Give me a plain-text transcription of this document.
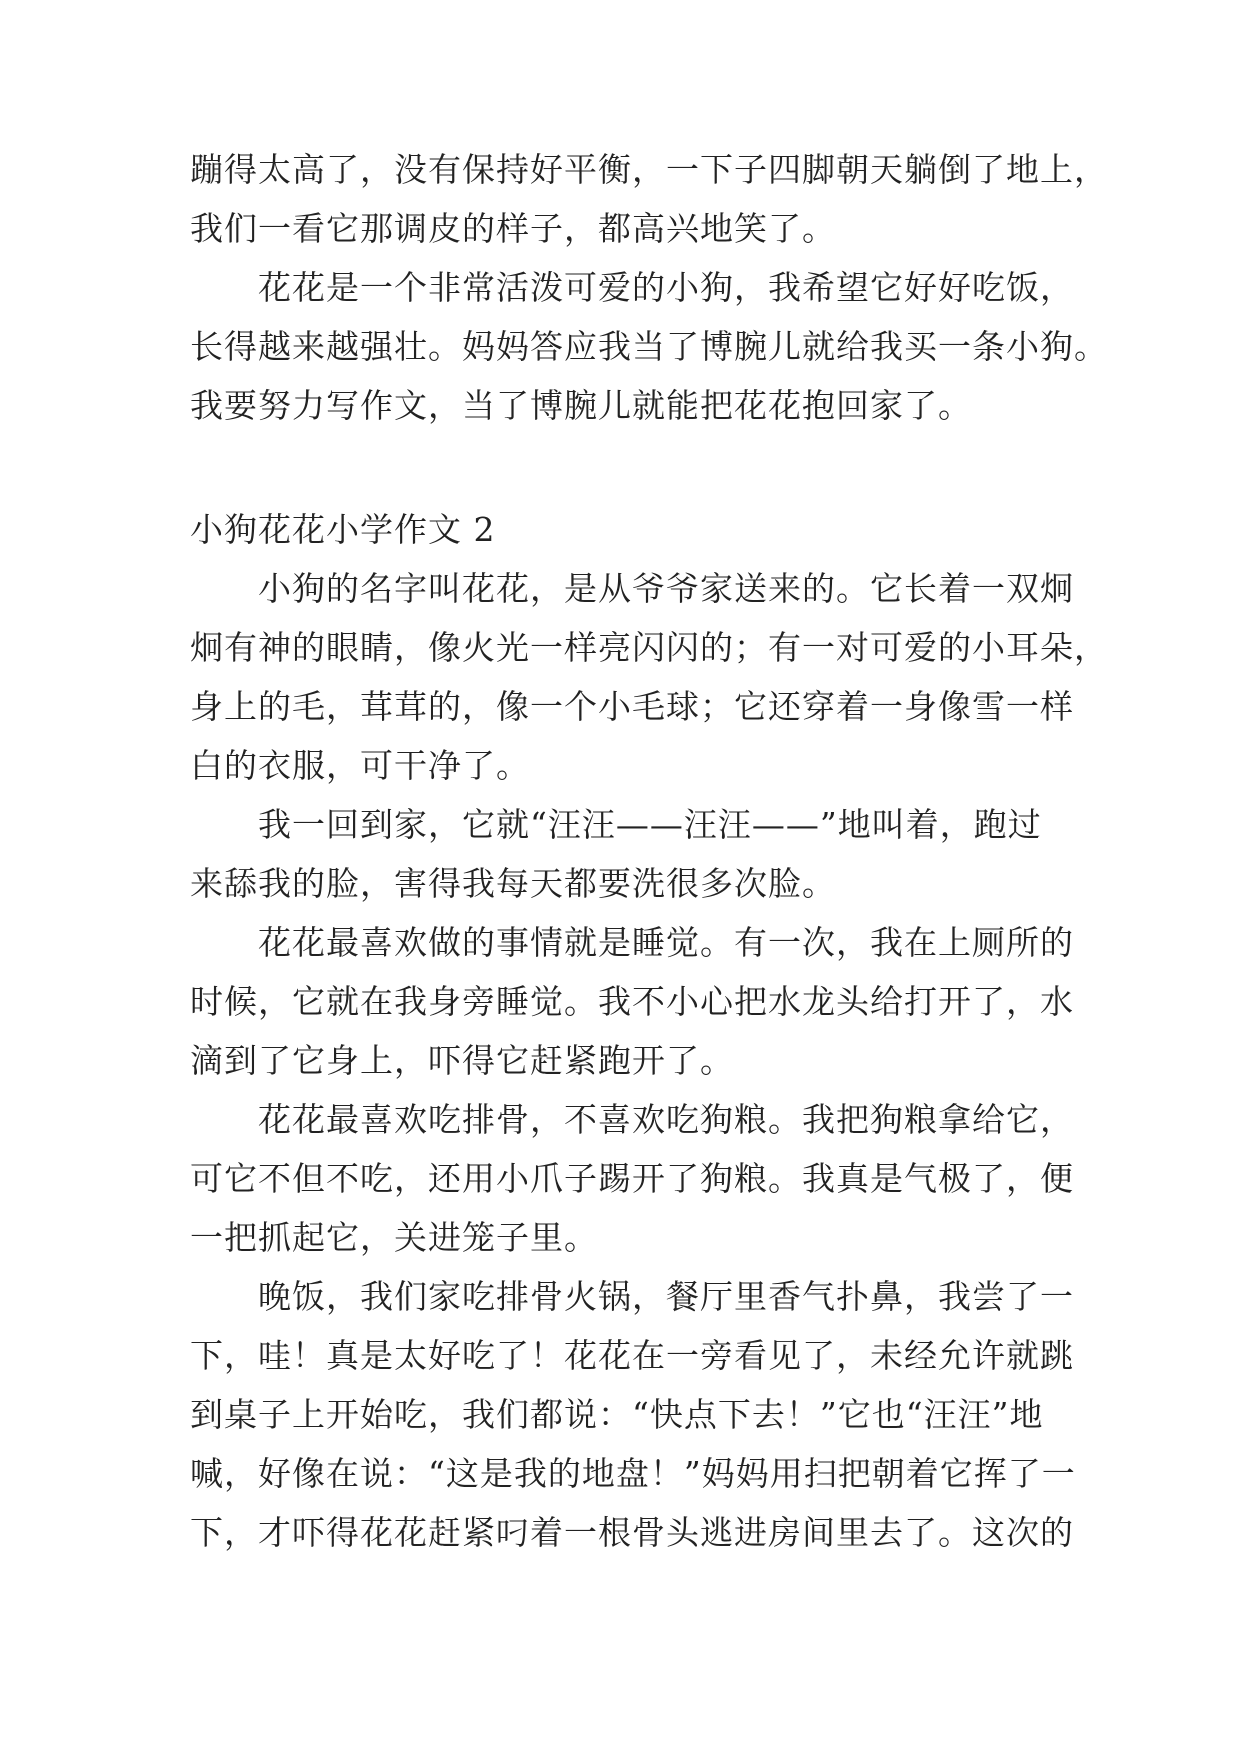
蹦得太高了，没有保持好平衡，一下子四脚朝天躺倒了地上，
我们一看它那调皮的样子，都高兴地笑了。
花花是一个非常活泼可爱的小狗，我希望它好好吃饭，
长得越来越强壮。妈妈答应我当了博腕儿就给我买一条小狗。
我要努力写作文，当了博腕儿就能把花花抱回家了。
小狗花花小学作文 2
小狗的名字叫花花，是从爷爷家送来的。它长着一双炯
炯有神的眼睛，像火光一样亮闪闪的；有一对可爱的小耳朵，
身上的毛，茸茸的，像一个小毛球；它还穿着一身像雪一样
白的衣服，可干净了。
我一回到家，它就“汪汪——汪汪——”地叫着，跑过
来舔我的脸，害得我每天都要洗很多次脸。
花花最喜欢做的事情就是睡觉。有一次，我在上厕所的
时候，它就在我身旁睡觉。我不小心把水龙头给打开了，水
滴到了它身上，吓得它赶紧跑开了。
花花最喜欢吃排骨，不喜欢吃狗粮。我把狗粮拿给它，
可它不但不吃，还用小爪子踢开了狗粮。我真是气极了，便
一把抓起它，关进笼子里。
晚饭，我们家吃排骨火锅，餐厅里香气扑鼻，我尝了一
下，哇！真是太好吃了！花花在一旁看见了，未经允许就跳
到桌子上开始吃，我们都说：“快点下去！”它也“汪汪”地
喊，好像在说：“这是我的地盘！”妈妈用扫把朝着它挥了一
下，才吓得花花赶紧叼着一根骨头逃进房间里去了。这次的
